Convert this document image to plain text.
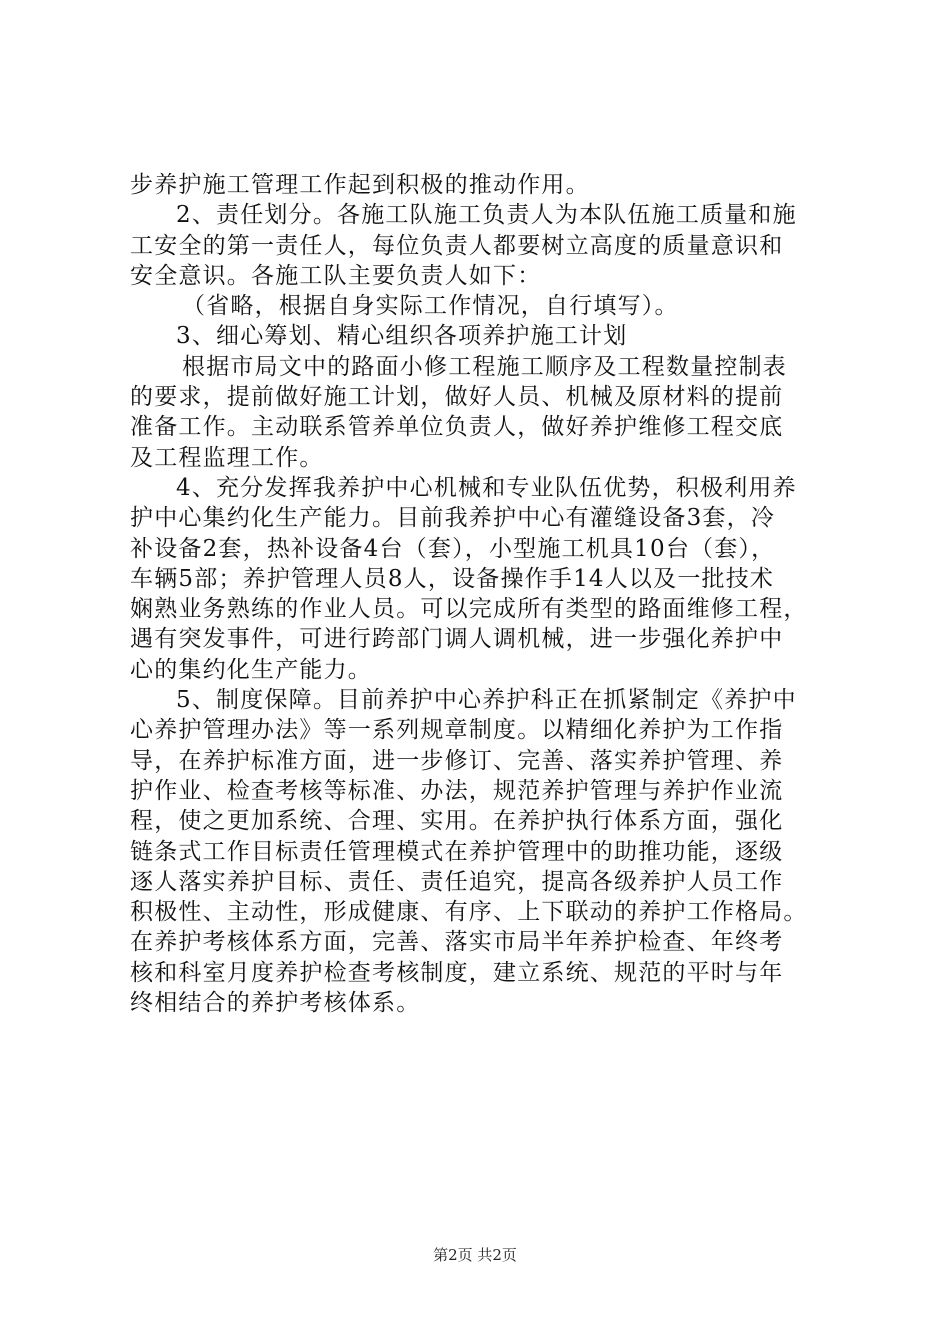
步养护施工管理工作起到积极的推动作用。
2、责任划分。各施工队施工负责人为本队伍施工质量和施
工安全的第一责任人，每位负责人都要树立高度的质量意识和
安全意识。各施工队主要负责人如下：
（省略，根据自身实际工作情况，自行填写）。
3、细心筹划、精心组织各项养护施工计划
根据市局文中的路面小修工程施工顺序及工程数量控制表
的要求，提前做好施工计划，做好人员、机械及原材料的提前
准备工作。主动联系管养单位负责人，做好养护维修工程交底
及工程监理工作。
4、充分发挥我养护中心机械和专业队伍优势，积极利用养
护中心集约化生产能力。目前我养护中心有灌缝设备3套，冷
补设备2套，热补设备4台（套），小型施工机具10台（套），
车辆5部；养护管理人员8人，设备操作手14人以及一批技术
娴熟业务熟练的作业人员。可以完成所有类型的路面维修工程，
遇有突发事件，可进行跨部门调人调机械，进一步强化养护中
心的集约化生产能力。
5、制度保障。目前养护中心养护科正在抓紧制定《养护中
心养护管理办法》等一系列规章制度。以精细化养护为工作指
导，在养护标准方面，进一步修订、完善、落实养护管理、养
护作业、检查考核等标准、办法，规范养护管理与养护作业流
程，使之更加系统、合理、实用。在养护执行体系方面，强化
链条式工作目标责任管理模式在养护管理中的助推功能，逐级
逐人落实养护目标、责任、责任追究，提高各级养护人员工作
积极性、主动性，形成健康、有序、上下联动的养护工作格局。
在养护考核体系方面，完善、落实市局半年养护检查、年终考
核和科室月度养护检查考核制度，建立系统、规范的平时与年
终相结合的养护考核体系。
第2页 共2页
